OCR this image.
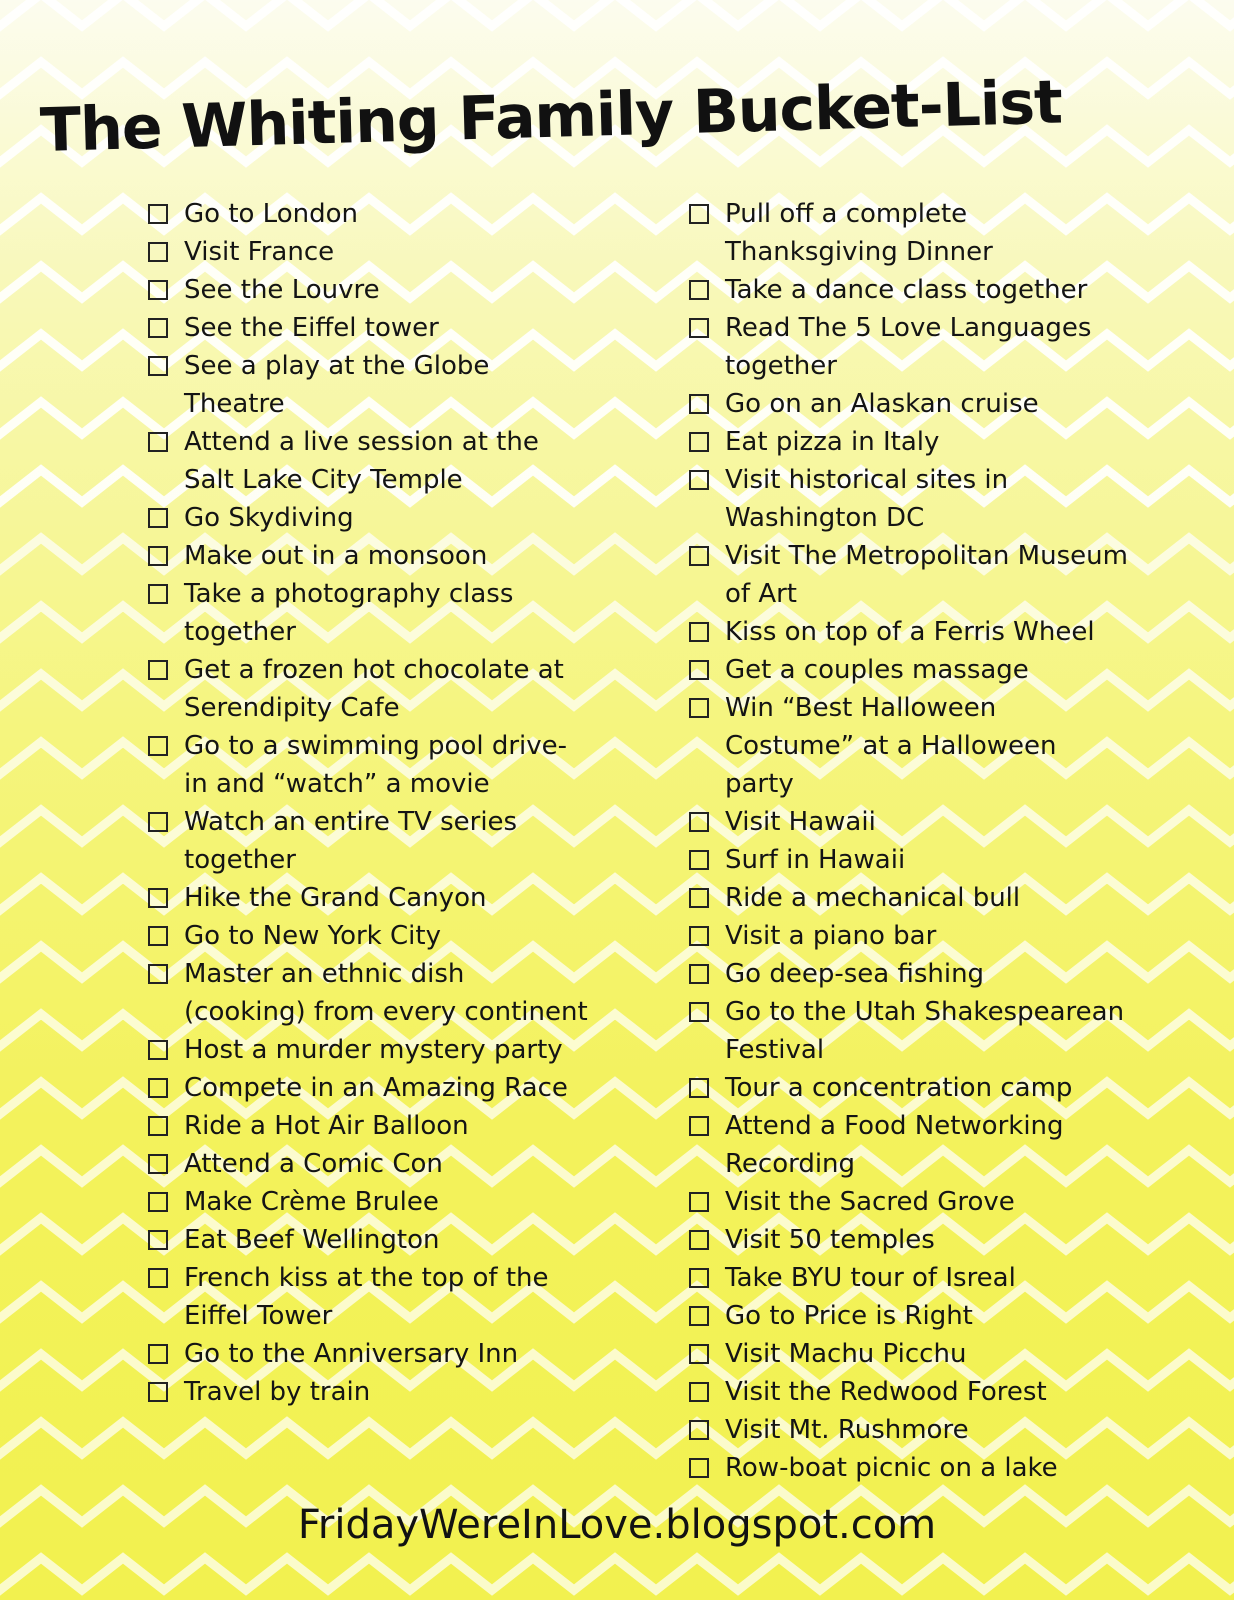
The Whiting Family Bucket-List
Go to London
Visit France
See the Louvre
See the Eiffel tower
See a play at the Globe Theatre
Attend a live session at the Salt Lake City Temple
Go Skydiving
Make out in a monsoon
Take a photography class together
Get a frozen hot chocolate at Serendipity Cafe
Go to a swimming pool drive-in and “watch” a movie
Watch an entire TV series together
Hike the Grand Canyon
Go to New York City
Master an ethnic dish (cooking) from every continent
Host a murder mystery party
Compete in an Amazing Race
Ride a Hot Air Balloon
Attend a Comic Con
Make Crème Brulee
Eat Beef Wellington
French kiss at the top of the Eiffel Tower
Go to the Anniversary Inn
Travel by train
Pull off a complete Thanksgiving Dinner
Take a dance class together
Read The 5 Love Languages together
Go on an Alaskan cruise
Eat pizza in Italy
Visit historical sites in Washington DC
Visit The Metropolitan Museum of Art
Kiss on top of a Ferris Wheel
Get a couples massage
Win “Best Halloween Costume” at a Halloween party
Visit Hawaii
Surf in Hawaii
Ride a mechanical bull
Visit a piano bar
Go deep-sea fishing
Go to the Utah Shakespearean Festival
Tour a concentration camp
Attend a Food Networking Recording
Visit the Sacred Grove
Visit 50 temples
Take BYU tour of Isreal
Go to Price is Right
Visit Machu Picchu
Visit the Redwood Forest
Visit Mt. Rushmore
Row-boat picnic on a lake

FridayWereInLove.blogspot.com
